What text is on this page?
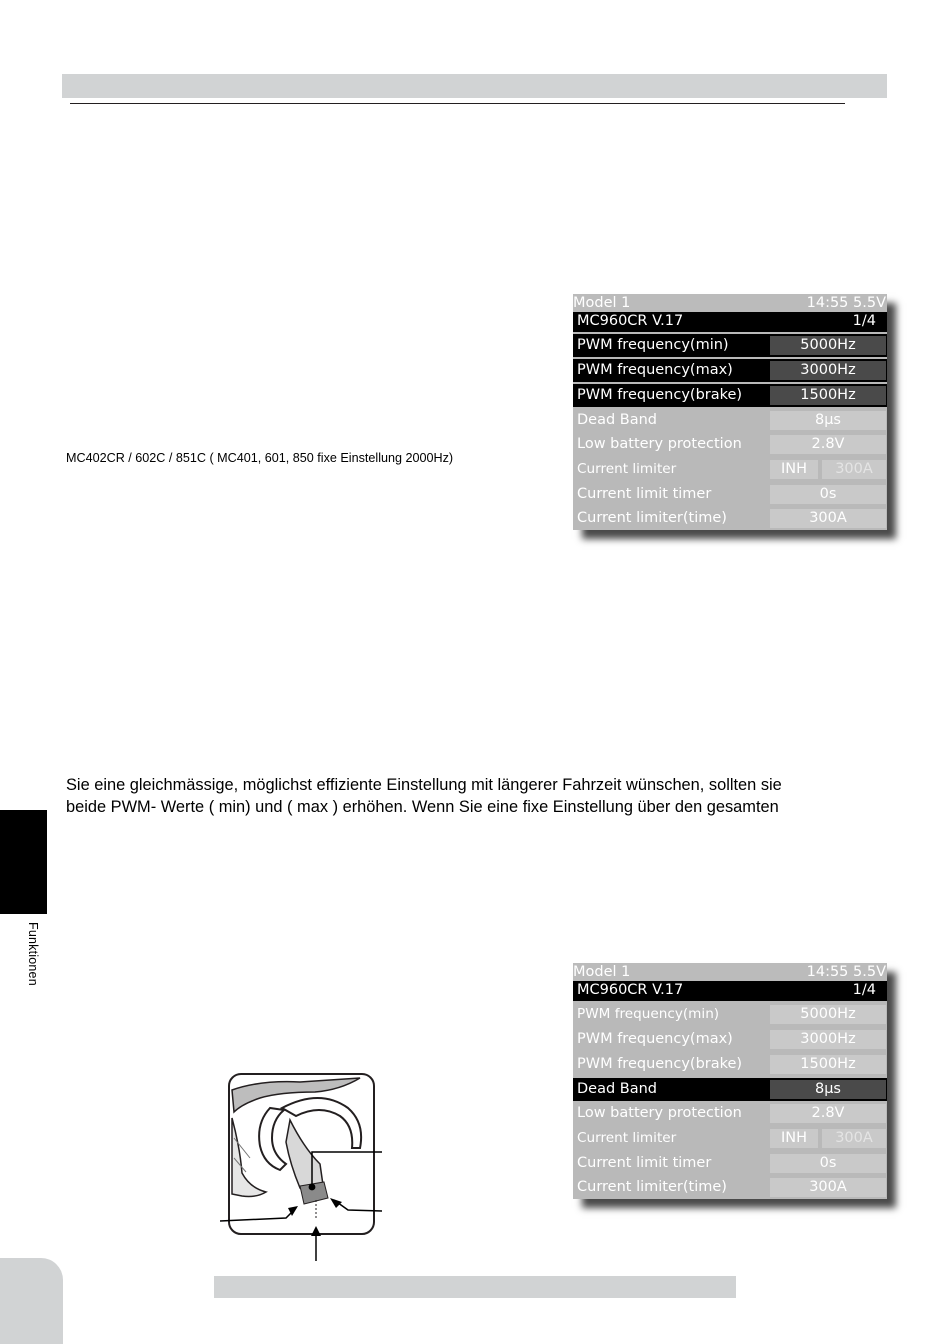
MC402CR / 602C / 851C ( MC401, 601, 850 fixe Einstellung 2000Hz)
Model 1	14:55 5.5V
MC960CR V.17	1/4
PWM frequency(min)	5000Hz
PWM frequency(max)	3000Hz
PWM frequency(brake)	1500Hz
Dead Band	8μs
Low battery protection	2.8V
Current limiter	INH	300A
Current limit timer	0s
Current limiter(time)	300A

Sie eine gleichmässige, möglichst effiziente Einstellung mit längerer Fahrzeit wünschen, sollten sie

beide PWM- Werte ( min) und ( max ) erhöhen. Wenn Sie eine fixe Einstellung über den gesamten

Funktionen	Model 1	14:55 5.5V
MC960CR V.17	1/4
PWM frequency(min)	5000Hz
PWM frequency(max)	3000Hz
PWM frequency(brake)	1500Hz
Dead Band	8μs
Low battery protection	2.8V
Current limiter	INH	300A
Current limit timer	0s
Current limiter(time)	300A
